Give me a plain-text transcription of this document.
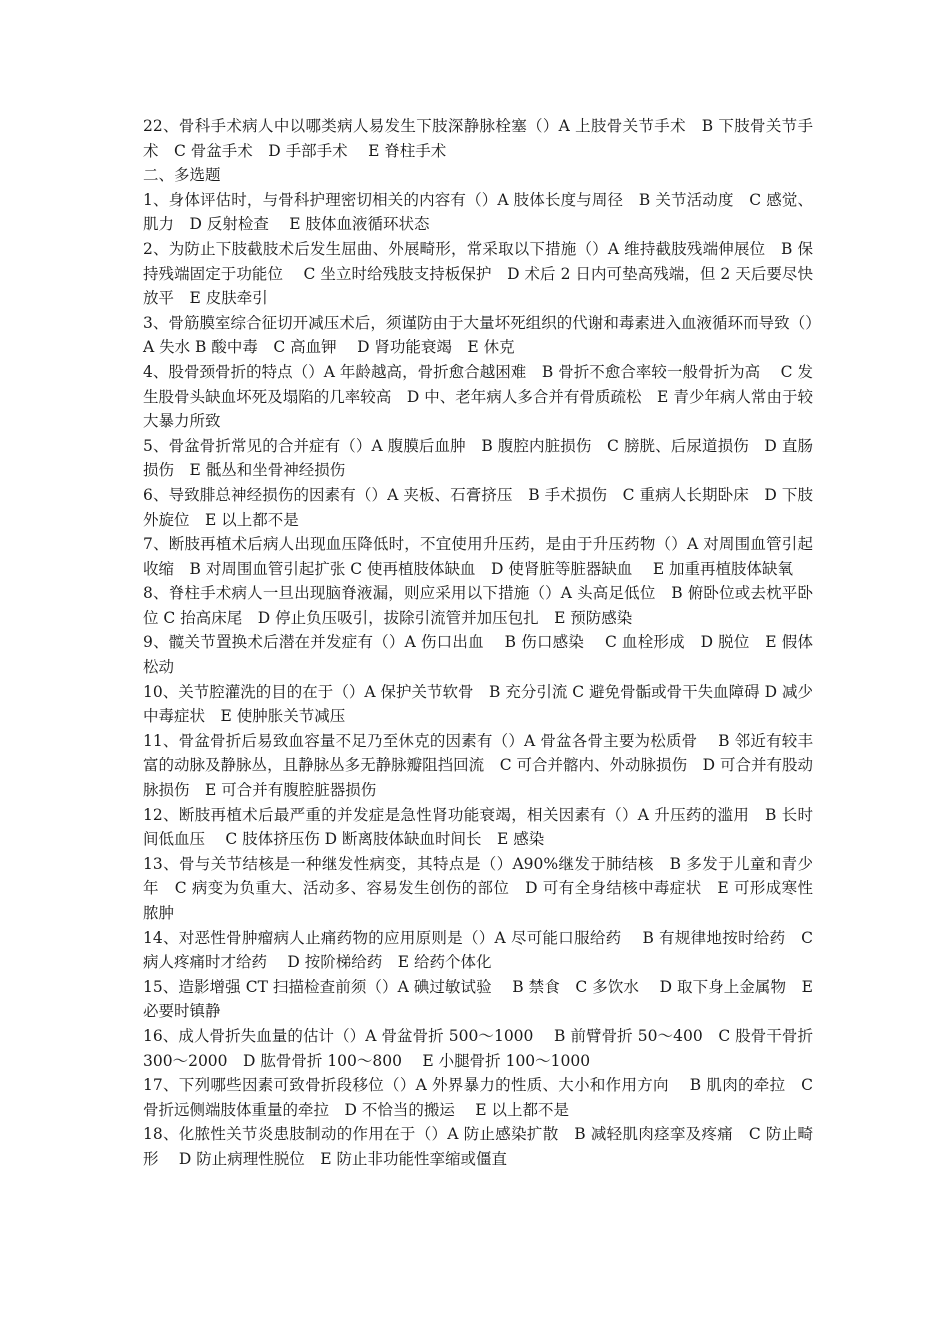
22、骨科手术病人中以哪类病人易发生下肢深静脉栓塞（）A 上肢骨关节手术　B 下肢骨关节手术　C 骨盆手术　D 手部手术　 E 脊柱手术

二、多选题

1、身体评估时，与骨科护理密切相关的内容有（）A 肢体长度与周径　B 关节活动度　C 感觉、肌力　D 反射检查　 E 肢体血液循环状态

2、为防止下肢截肢术后发生屈曲、外展畸形，常采取以下措施（）A 维持截肢残端伸展位　B 保持残端固定于功能位　 C 坐立时给残肢支持板保护　D 术后 2 日内可垫高残端，但 2 天后要尽快放平　E 皮肤牵引

3、骨筋膜室综合征切开减压术后，须谨防由于大量坏死组织的代谢和毒素进入血液循环而导致（）A 失水 B 酸中毒　C 高血钾　 D 肾功能衰竭　E 休克

4、股骨颈骨折的特点（）A 年龄越高，骨折愈合越困难　B 骨折不愈合率较一般骨折为高　 C 发生股骨头缺血坏死及塌陷的几率较高　D 中、老年病人多合并有骨质疏松　E 青少年病人常由于较大暴力所致

5、骨盆骨折常见的合并症有（）A 腹膜后血肿　B 腹腔内脏损伤　C 膀胱、后尿道损伤　D 直肠损伤　E 骶丛和坐骨神经损伤

6、导致腓总神经损伤的因素有（）A 夹板、石膏挤压　B 手术损伤　C 重病人长期卧床　D 下肢外旋位　E 以上都不是

7、断肢再植术后病人出现血压降低时，不宜使用升压药，是由于升压药物（）A 对周围血管引起收缩　B 对周围血管引起扩张 C 使再植肢体缺血　D 使肾脏等脏器缺血　 E 加重再植肢体缺氧

8、脊柱手术病人一旦出现脑脊液漏，则应采用以下措施（）A 头高足低位　B 俯卧位或去枕平卧位 C 抬高床尾　D 停止负压吸引，拔除引流管并加压包扎　E 预防感染

9、髋关节置换术后潜在并发症有（）A 伤口出血　 B 伤口感染　 C 血栓形成　D 脱位　E 假体松动

10、关节腔灌洗的目的在于（）A 保护关节软骨　B 充分引流 C 避免骨骺或骨干失血障碍 D 减少中毒症状　E 使肿胀关节减压

11、骨盆骨折后易致血容量不足乃至休克的因素有（）A 骨盆各骨主要为松质骨　 B 邻近有较丰富的动脉及静脉丛，且静脉丛多无静脉瓣阻挡回流　C 可合并髂内、外动脉损伤　D 可合并有股动脉损伤　E 可合并有腹腔脏器损伤

12、断肢再植术后最严重的并发症是急性肾功能衰竭，相关因素有（）A 升压药的滥用　B 长时间低血压　 C 肢体挤压伤 D 断离肢体缺血时间长　E 感染

13、骨与关节结核是一种继发性病变，其特点是（）A90%继发于肺结核　B 多发于儿童和青少年　C 病变为负重大、活动多、容易发生创伤的部位　D 可有全身结核中毒症状　E 可形成寒性脓肿

14、对恶性骨肿瘤病人止痛药物的应用原则是（）A 尽可能口服给药　 B 有规律地按时给药　C 病人疼痛时才给药　 D 按阶梯给药　E 给药个体化

15、造影增强 CT 扫描检查前须（）A 碘过敏试验　 B 禁食　C 多饮水　 D 取下身上金属物　E 必要时镇静

16、成人骨折失血量的估计（）A 骨盆骨折 500～1000　 B 前臂骨折 50～400　C 股骨干骨折 300～2000　D 肱骨骨折 100～800　 E 小腿骨折 100～1000

17、下列哪些因素可致骨折段移位（）A 外界暴力的性质、大小和作用方向　 B 肌肉的牵拉　C 骨折远侧端肢体重量的牵拉　D 不恰当的搬运　 E 以上都不是

18、化脓性关节炎患肢制动的作用在于（）A 防止感染扩散　B 减轻肌肉痉挛及疼痛　C 防止畸形　 D 防止病理性脱位　E 防止非功能性挛缩或僵直
